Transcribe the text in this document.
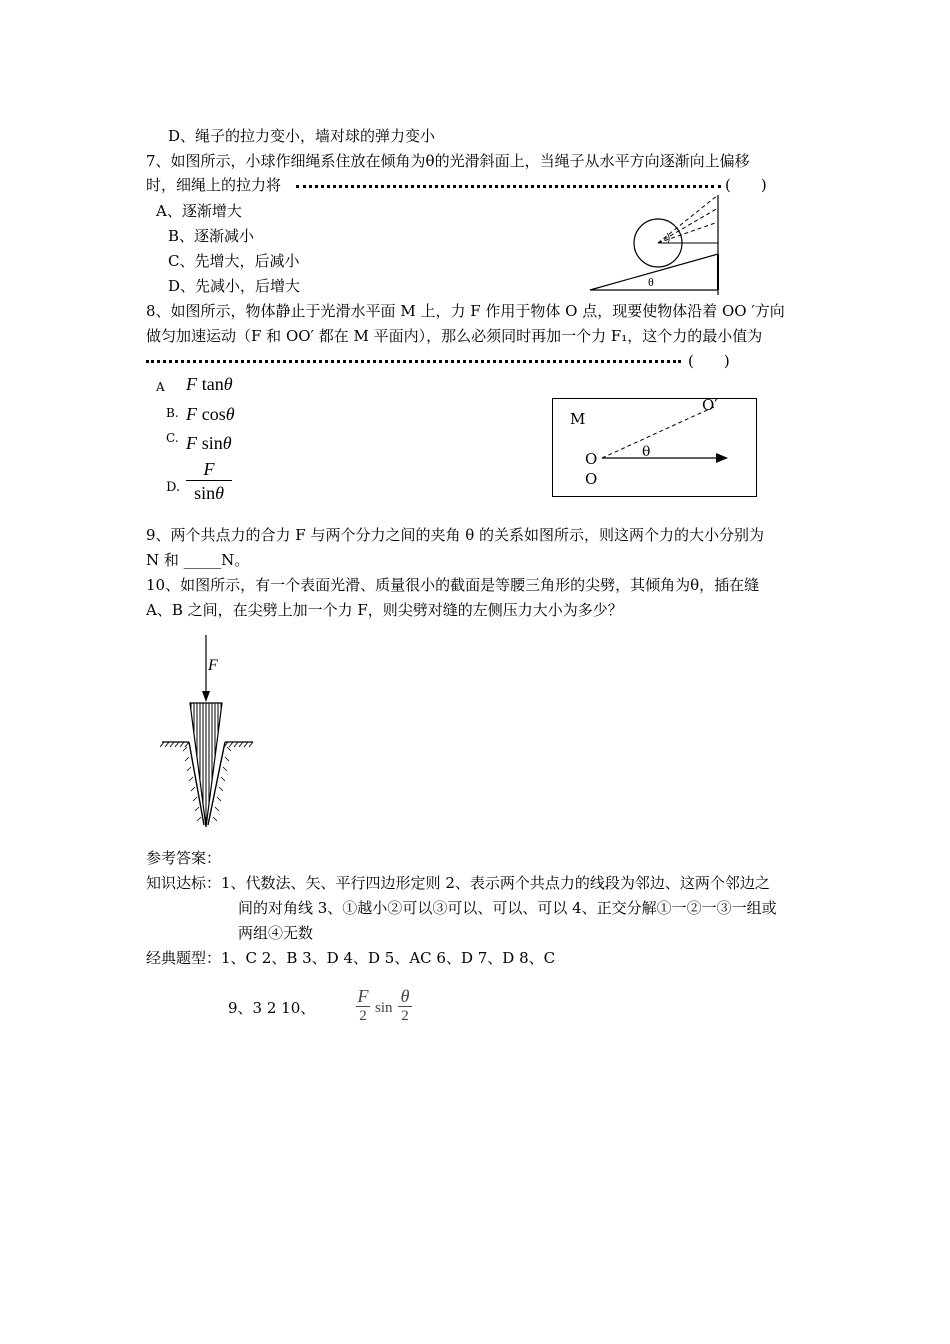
D、绳子的拉力变小，墙对球的弹力变小
7、如图所示，小球作细绳系住放在倾角为θ的光滑斜面上，当绳子从水平方向逐渐向上偏移
时，细绳上的拉力将	(　　)
A、逐渐增大
B、逐渐减小
C、先增大，后减小
D、先减小，后增大	θ
8、如图所示，物体静止于光滑水平面 M 上，力 F 作用于物体 O 点，现要使物体沿着 OO ′方向
做匀加速运动（F 和 OO′ 都在 M 平面内），那么必须同时再加一个力 F₁，这个力的最小值为
(　　)
A F tanθ
B. F cosθ
C. F sinθ
D.
F
sinθ
M
O
O
O′
θ
9、两个共点力的合力 F 与两个分力之间的夹角 θ 的关系如图所示，则这两个力的大小分别为
N 和 _____N。
10、如图所示，有一个表面光滑、质量很小的截面是等腰三角形的尖劈，其倾角为θ，插在缝
A、B 之间，在尖劈上加一个力 F，则尖劈对缝的左侧压力大小为多少？
F
参考答案：
知识达标：1、代数法、矢、平行四边形定则 2、表示两个共点力的线段为邻边、这两个邻边之
间的对角线 3、①越小②可以③可以、可以、可以 4、正交分解①一②一③一组或
两组④无数
经典题型：1、C 2、B 3、D 4、D 5、AC 6、D 7、D 8、C
9、3 2 10、
F
2 sin
θ
2
